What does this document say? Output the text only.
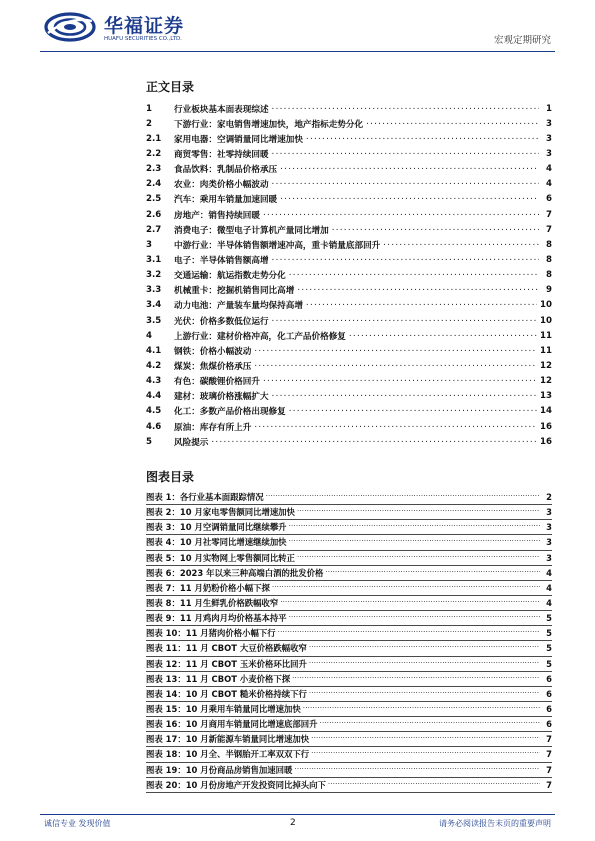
华福证券
HUAFU SECURITIES CO.,LTD.	宏观定期研究
正文目录
1	行业板块基本面表现综述 .....	1
2	下游行业：家电销售增速加快，地产指标走势分化 .....	3
2.1	家用电器：空调销量同比增速加快 .....	3
2.2	商贸零售：社零持续回暖 .....	3
2.3	食品饮料：乳制品价格承压 .....	4
2.4	农业：肉类价格小幅波动 .....	4
2.5	汽车：乘用车销量加速回暖 .....	6
2.6	房地产：销售持续回暖 .....	7
2.7	消费电子：微型电子计算机产量同比增加 .....	7
3	中游行业：半导体销售额增速冲高，重卡销量底部回升 .....	8
3.1	电子：半导体销售额高增 .....	8
3.2	交通运输：航运指数走势分化 .....	8
3.3	机械重卡：挖掘机销售同比高增 .....	9
3.4	动力电池：产量装车量均保持高增 .....	10
3.5	光伏：价格多数低位运行 .....	10
4	上游行业：建材价格冲高，化工产品价格修复 .....	11
4.1	钢铁：价格小幅波动 .....	11
4.2	煤炭：焦煤价格承压 .....	12
4.3	有色：碳酸锂价格回升 .....	12
4.4	建材：玻璃价格涨幅扩大 .....	13
4.5	化工：多数产品价格出现修复 .....	14
4.6	原油：库存有所上升 .....	16
5	风险提示 .....	16
图表目录
图表 1：各行业基本面跟踪情况 .....	2
图表 2：10 月家电零售额同比增速加快 .....	3
图表 3：10 月空调销量同比继续攀升 .....	3
图表 4：10 月社零同比增速继续加快 .....	3
图表 5：10 月实物网上零售额同比转正 .....	3
图表 6：2023 年以来三种高端白酒的批发价格 .....	4
图表 7：11 月奶粉价格小幅下探 .....	4
图表 8：11 月生鲜乳价格跌幅收窄 .....	4
图表 9：11 月鸡肉月均价格基本持平 .....	5
图表 10：11 月猪肉价格小幅下行 .....	5
图表 11：11 月 CBOT 大豆价格跌幅收窄 .....	5
图表 12：11 月 CBOT 玉米价格环比回升 .....	5
图表 13：11 月 CBOT 小麦价格下探 .....	6
图表 14：10 月 CBOT 糙米价格持续下行 .....	6
图表 15：10 月乘用车销量同比增速加快 .....	6
图表 16：10 月商用车销量同比增速底部回升 .....	6
图表 17：10 月新能源车销量同比增速加快 .....	7
图表 18：10 月全、半钢胎开工率双双下行 .....	7
图表 19：10 月份商品房销售加速回暖 .....	7
图表 20：10 月份房地产开发投资同比掉头向下 .....	7
诚信专业 发现价值	2	请务必阅读报告末页的重要声明
